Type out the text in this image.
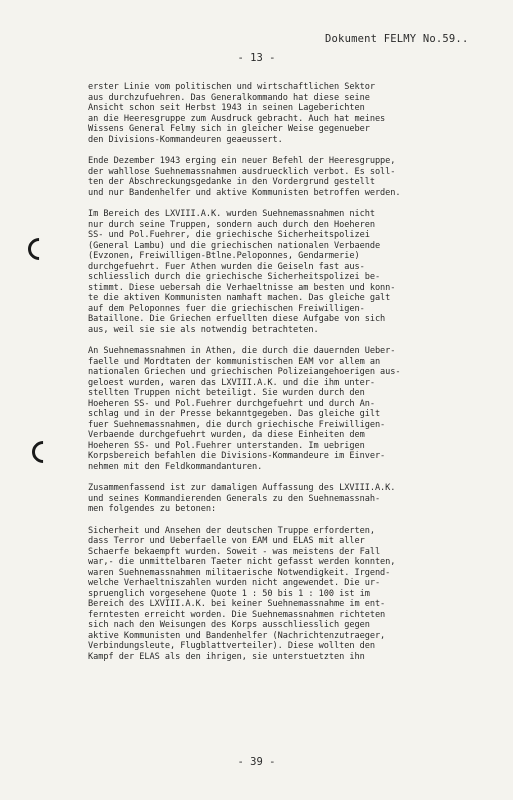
Dokument FELMY No.59..
- 13 -
erster Linie vom politischen und wirtschaftlichen Sektor
aus durchzufuehren. Das Generalkommando hat diese seine
Ansicht schon seit Herbst 1943 in seinen Lageberichten
an die Heeresgruppe zum Ausdruck gebracht. Auch hat meines
Wissens General Felmy sich in gleicher Weise gegenueber
den Divisions-Kommandeuren geaeussert.
Ende Dezember 1943 erging ein neuer Befehl der Heeresgruppe,
der wahllose Suehnemassnahmen ausdruecklich verbot. Es soll-
ten der Abschreckungsgedanke in den Vordergrund gestellt
und nur Bandenhelfer und aktive Kommunisten betroffen werden.
Im Bereich des LXVIII.A.K. wurden Suehnemassnahmen nicht
nur durch seine Truppen, sondern auch durch den Hoeheren
SS- und Pol.Fuehrer, die griechische Sicherheitspolizei
(General Lambu) und die griechischen nationalen Verbaende
(Evzonen, Freiwilligen-Btlne.Peloponnes, Gendarmerie)
durchgefuehrt. Fuer Athen wurden die Geiseln fast aus-
schliesslich durch die griechische Sicherheitspolizei be-
stimmt. Diese uebersah die Verhaeltnisse am besten und konn-
te die aktiven Kommunisten namhaft machen. Das gleiche galt
auf dem Peloponnes fuer die griechischen Freiwilligen-
Bataillone. Die Griechen erfuellten diese Aufgabe von sich
aus, weil sie sie als notwendig betrachteten.
An Suehnemassnahmen in Athen, die durch die dauernden Ueber-
faelle und Mordtaten der kommunistischen EAM vor allem an
nationalen Griechen und griechischen Polizeiangehoerigen aus-
geloest wurden, waren das LXVIII.A.K. und die ihm unter-
stellten Truppen nicht beteiligt. Sie wurden durch den
Hoeheren SS- und Pol.Fuehrer durchgefuehrt und durch An-
schlag und in der Presse bekanntgegeben. Das gleiche gilt
fuer Suehnemassnahmen, die durch griechische Freiwilligen-
Verbaende durchgefuehrt wurden, da diese Einheiten dem
Hoeheren SS- und Pol.Fuehrer unterstanden. Im uebrigen
Korpsbereich befahlen die Divisions-Kommandeure im Einver-
nehmen mit den Feldkommandanturen.
Zusammenfassend ist zur damaligen Auffassung des LXVIII.A.K.
und seines Kommandierenden Generals zu den Suehnemassnah-
men folgendes zu betonen:
Sicherheit und Ansehen der deutschen Truppe erforderten,
dass Terror und Ueberfaelle von EAM und ELAS mit aller
Schaerfe bekaempft wurden. Soweit - was meistens der Fall
war,- die unmittelbaren Taeter nicht gefasst werden konnten,
waren Suehnemassnahmen militaerische Notwendigkeit. Irgend-
welche Verhaeltniszahlen wurden nicht angewendet. Die ur-
spruenglich vorgesehene Quote 1 : 50 bis 1 : 100 ist im
Bereich des LXVIII.A.K. bei keiner Suehnemassnahme im ent-
ferntesten erreicht worden. Die Suehnemassnahmen richteten
sich nach den Weisungen des Korps ausschliesslich gegen
aktive Kommunisten und Bandenhelfer (Nachrichtenzutraeger,
Verbindungsleute, Flugblattverteiler). Diese wollten den
Kampf der ELAS als den ihrigen, sie unterstuetzten ihn
- 39 -
